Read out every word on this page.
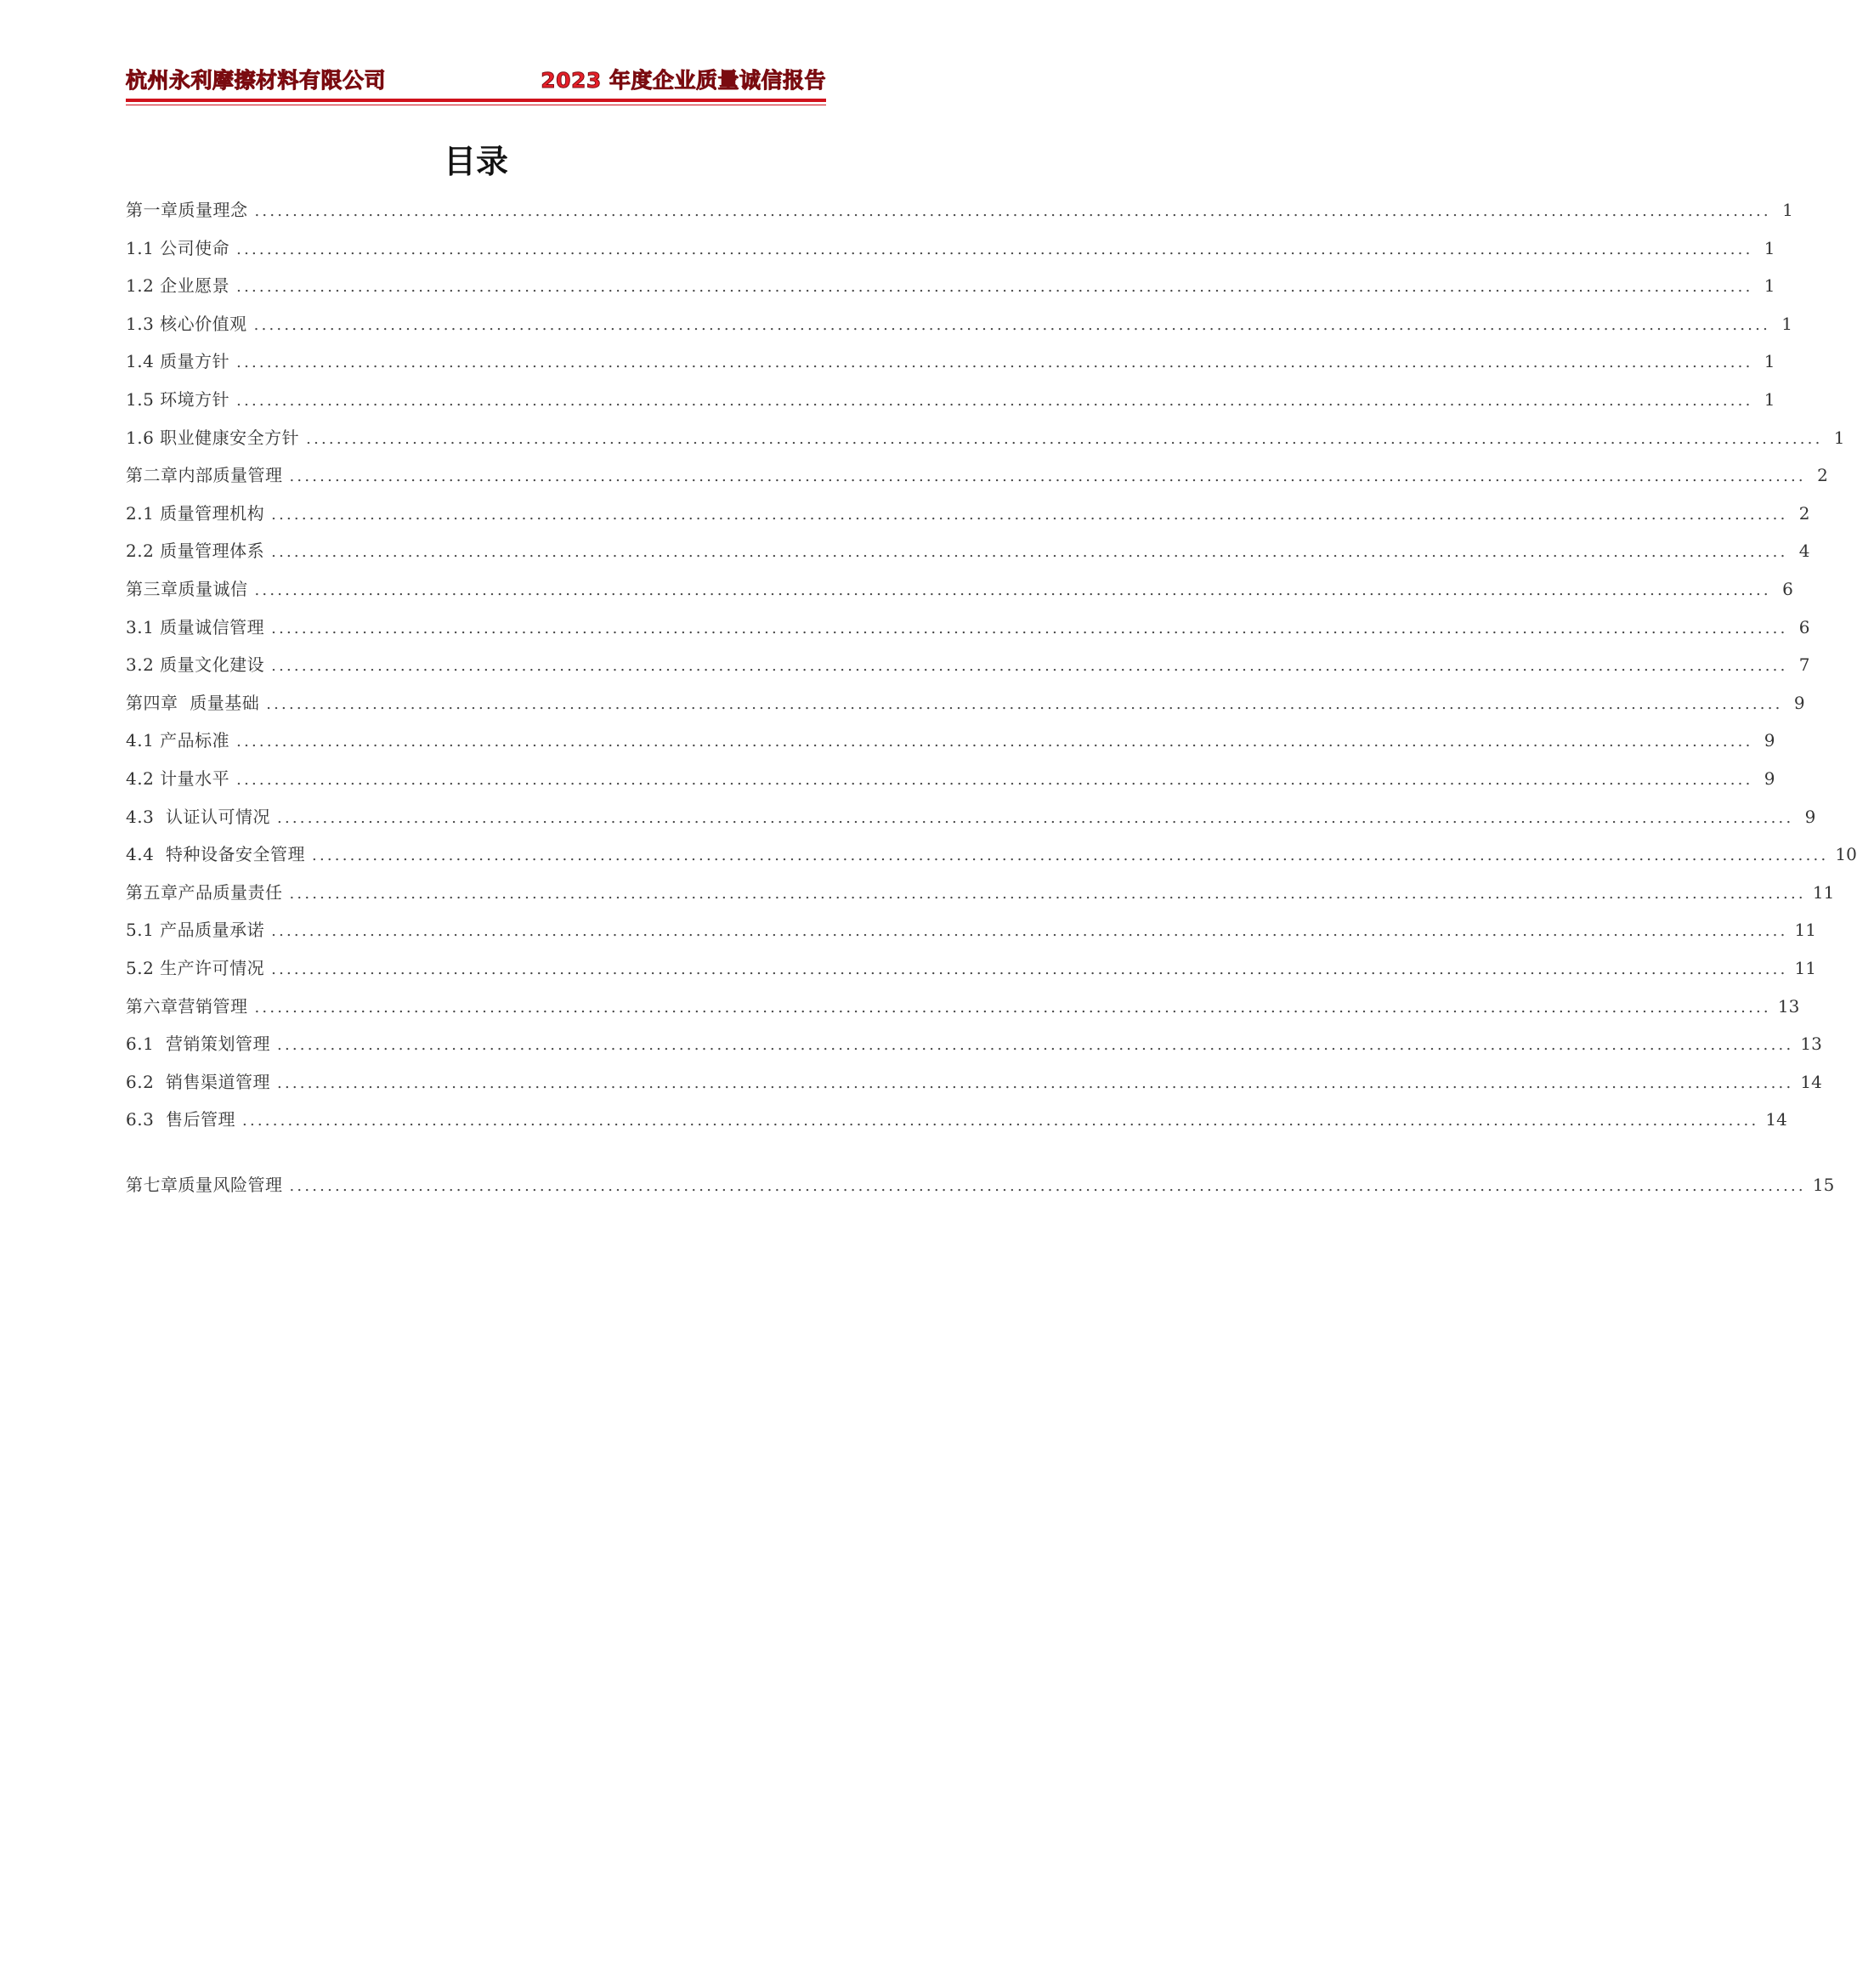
杭州永利摩擦材料有限公司	2023 年度企业质量诚信报告
目录
第一章质量理念 ........................................................................................................................................................................................................ 1
1.1 公司使命 ........................................................................................................................................................................................................ 1
1.2 企业愿景 ........................................................................................................................................................................................................ 1
1.3 核心价值观 ........................................................................................................................................................................................................ 1
1.4 质量方针 ........................................................................................................................................................................................................ 1
1.5 环境方针 ........................................................................................................................................................................................................ 1
1.6 职业健康安全方针 ........................................................................................................................................................................................................ 1
第二章内部质量管理 ........................................................................................................................................................................................................ 2
2.1 质量管理机构 ........................................................................................................................................................................................................ 2
2.2 质量管理体系 ........................................................................................................................................................................................................ 4
第三章质量诚信 ........................................................................................................................................................................................................ 6
3.1 质量诚信管理 ........................................................................................................................................................................................................ 6
3.2 质量文化建设 ........................................................................................................................................................................................................ 7
第四章  质量基础 ........................................................................................................................................................................................................ 9
4.1 产品标准 ........................................................................................................................................................................................................ 9
4.2 计量水平 ........................................................................................................................................................................................................ 9
4.3  认证认可情况 ........................................................................................................................................................................................................ 9
4.4  特种设备安全管理 ........................................................................................................................................................................................................ 10
第五章产品质量责任 ........................................................................................................................................................................................................ 11
5.1 产品质量承诺 ........................................................................................................................................................................................................ 11
5.2 生产许可情况 ........................................................................................................................................................................................................ 11
第六章营销管理 ........................................................................................................................................................................................................ 13
6.1  营销策划管理 ........................................................................................................................................................................................................ 13
6.2  销售渠道管理 ........................................................................................................................................................................................................ 14
6.3  售后管理 ........................................................................................................................................................................................................ 14
第七章质量风险管理 ........................................................................................................................................................................................................ 15
